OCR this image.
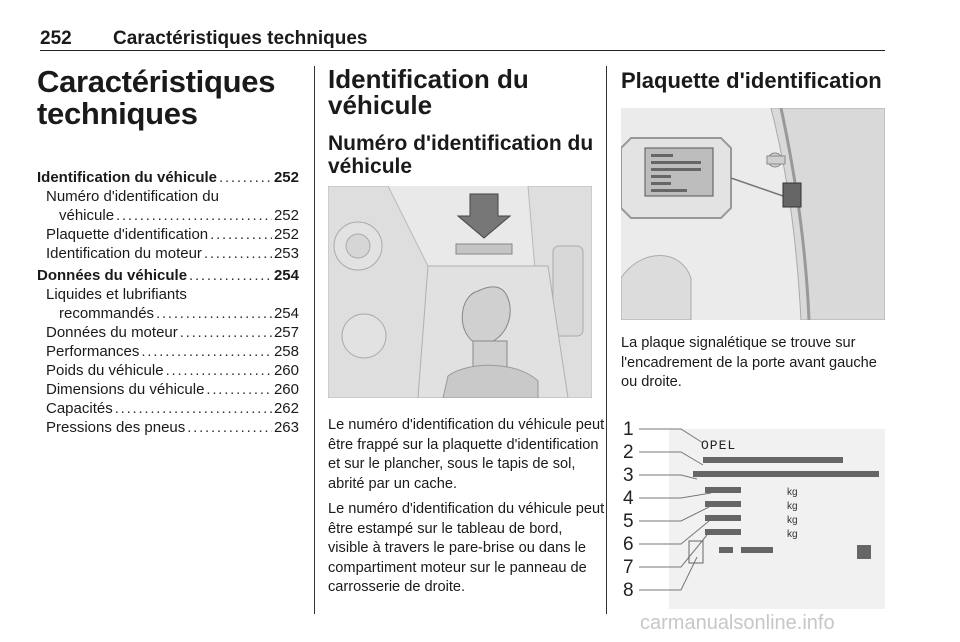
252 Caractéristiques techniques
Caractéristiques
techniques
Identification du véhicule . . .	252
Numéro d'identification du
véhicule . . .	252
Plaquette d'identification . . .	252
Identification du moteur . . .	253
Données du véhicule . . .	254
Liquides et lubrifiants
recommandés . . .	254
Données du moteur . . .	257
Performances . . .	258
Poids du véhicule . . .	260
Dimensions du véhicule . . .	260
Capacités . . .	262
Pressions des pneus . . .	263
Identification du
véhicule
Numéro d'identification du
véhicule

Le numéro d'identification du véhicule peut être frappé sur la plaquette d'identification et sur le plancher, sous le tapis de sol, abrité par un cache.

Le numéro d'identification du véhicule peut être estampé sur le tableau de bord, visible à travers le pare-brise ou dans le compartiment moteur sur le panneau de carrosserie de droite.

Plaquette d'identification

La plaque signalétique se trouve sur l'encadrement de la porte avant gauche ou droite.

1
2
3
4
5
6
7
8
OPEL
kg
kg
kg
kg
carmanualsonline.info
